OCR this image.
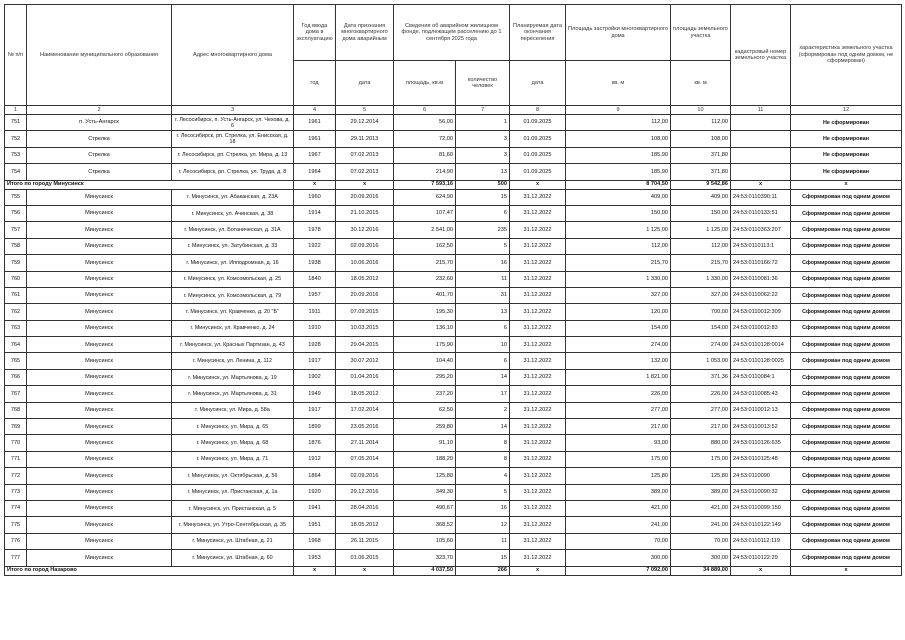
№ п/п	Наименование муниципального образования	Адрес многоквартирного дома	Год ввода дома в эксплуатацию	Дата признания многоквартирного дома аварийным	Сведения об аварийном жилищном фонде, подлежащем расселению до 1 сентября 2025 года		Планируемая дата окончания переселения	Площадь застройки многоквартирного дома	площадь земельного участка	кадастровый номер земельного участка	характеристика земельного участка (сформирован под одним домом, не сформирован)
			год	дата	площадь, кв.м	количество человек	дата	кв. м	кв. м		
1	2	3	4	5	6	7	8	9	10	11	12
751	п. Усть-Ангарск	г. Лесосибирск, п. Усть-Ангарск, ул. Чехова, д. 6	1961	29.12.2014	56,00	1	01.09.2025	112,00	112,00		Не сформирован
752	Стрелка	г. Лесосибирск, рп. Стрелка, ул. Енисская, д. 18	1961	29.11.2013	72,00	3	01.09.2025	108,00	108,00		Не сформирован
753	Стрелка	г. Лесосибирск, рп. Стрелка, ул. Мира, д. 13	1967	07.02.2013	81,60	3	01.09.2025	185,90	371,80		Не сформирован
754	Стрелка	г. Лесосибирск, рп. Стрелка, ул. Труда, д. 8	1964	07.02.2013	214,90	13	01.09.2025	185,90	371,80		Не сформирован
Итого по городу Минусинск			x	x	7 593,16	500	x	8 704,50	9 542,86	x	x
755	Минусинск	г. Минусинск, ул. Абаканская, д. 23А	1960	20.09.2016	624,90	15	31.12.2022	409,00	409,00	24:53:0110390:11	Сформирован под одним домом
756	Минусинск	г. Минусинск, ул. Ачинская, д. 38	1914	21.10.2015	107,47	6	31.12.2022	150,00	150,00	24:53:0110133:51	Сформирован под одним домом
757	Минусинск	г. Минусинск, ул. Ботаническая, д. 31А	1978	30.12.2016	2 541,00	235	31.12.2022	1 125,00	1 125,00	24:53:0110363:207	Сформирован под одним домом
758	Минусинск	г. Минусинск, ул. Затубинская, д. 33	1922	02.09.2016	162,50	5	31.12.2022	112,00	112,00	24:53:0110113:1	Сформирован под одним домом
759	Минусинск	г. Минусинск, ул. Ипподромная, д. 16	1938	10.06.2016	215,70	16	31.12.2022	215,70	215,70	24:53:0110166:72	Сформирован под одним домом
760	Минусинск	г. Минусинск, ул. Комсомольская, д. 25	1840	18.05.2012	232,60	11	31.12.2022	1 330,00	1 330,00	24:53:0110081:36	Сформирован под одним домом
761	Минусинск	г. Минусинск, ул. Комсомольская, д. 79	1957	20.09.2016	401,70	31	31.12.2022	327,00	327,00	24:53:0110062:22	Сформирован под одним домом
762	Минусинск	г. Минусинск, ул. Кравченко, д. 20 "Б"	1911	07.09.2015	195,30	13	31.12.2022	120,00	700,00	24:53:0110012:309	Сформирован под одним домом
763	Минусинск	г. Минусинск, ул. Кравченко, д. 24	1910	10.03.2015	136,10	6	31.12.2022	154,00	154,00	24:53:0110012:83	Сформирован под одним домом
764	Минусинск	г. Минусинск, ул. Красных Партизан, д. 43	1928	29.04.2015	175,90	10	31.12.2022	274,00	274,00	24:53:0110128:0014	Сформирован под одним домом
765	Минусинск	г. Минусинск, ул. Ленина, д. 112	1917	30.07.2012	104,40	6	31.12.2022	132,00	1 053,00	24:53:0110128:0025	Сформирован под одним домом
766	Минусинск	г. Минусинск, ул. Мартьянова, д. 19	1902	01.04.2016	295,20	14	31.12.2022	1 821,00	371,36	24:53:0110084:1	Сформирован под одним домом
767	Минусинск	г. Минусинск, ул. Мартьянова, д. 31	1949	18.05.2012	237,20	17	31.12.2022	226,00	226,00	24:53:0110085:43	Сформирован под одним домом
768	Минусинск	г. Минусинск, ул. Мира, д. 58а	1917	17.02.2014	62,50	2	31.12.2022	277,00	277,00	24:53:0110012:13	Сформирован под одним домом
769	Минусинск	г. Минусинск, ул. Мира, д. 65	1899	23.05.2016	259,80	14	31.12.2022	217,00	217,00	24:53:0110013:52	Сформирован под одним домом
770	Минусинск	г. Минусинск, ул. Мира, д. 68	1876	27.11.2014	91,10	8	31.12.2022	93,00	880,00	24:53:0110126:635	Сформирован под одним домом
771	Минусинск	г. Минусинск, ул. Мира, д. 71	1912	07.05.2014	188,20	8	31.12.2022	175,00	175,00	24:53:0110125:48	Сформирован под одним домом
772	Минусинск	г. Минусинск, ул. Октябрьская, д. 56	1864	02.09.2016	125,80	4	31.12.2022	125,80	125,80	24:53:0110090	Сформирован под одним домом
773	Минусинск	г. Минусинск, ул. Пристанская, д. 1а	1920	29.12.2016	349,30	5	31.12.2022	389,00	389,00	24:53:0110090:32	Сформирован под одним домом
774	Минусинск	г. Минусинск, ул. Пристанская, д. 5	1941	28.04.2016	490,67	16	31.12.2022	421,00	421,00	24:53:0110099:150	Сформирован под одним домом
775	Минусинск	г. Минусинск, ул. Утро-Сентябрьская, д. 35	1951	18.05.2012	368,52	12	31.12.2022	241,00	241,00	24:53:0110122:149	Сформирован под одним домом
776	Минусинск	г. Минусинск, ул. Штабная, д. 21	1968	26.11.2015	105,60	11	31.12.2022	70,00	70,00	24:53:0110112:119	Сформирован под одним домом
777	Минусинск	г. Минусинск, ул. Штабная, д. 60	1953	01.06.2015	323,70	15	31.12.2022	300,00	300,00	24:53:0110122:29	Сформирован под одним домом
Итого по город Назарово			x	x	4 037,50	266	x	7 092,00	34 889,00	x	x
